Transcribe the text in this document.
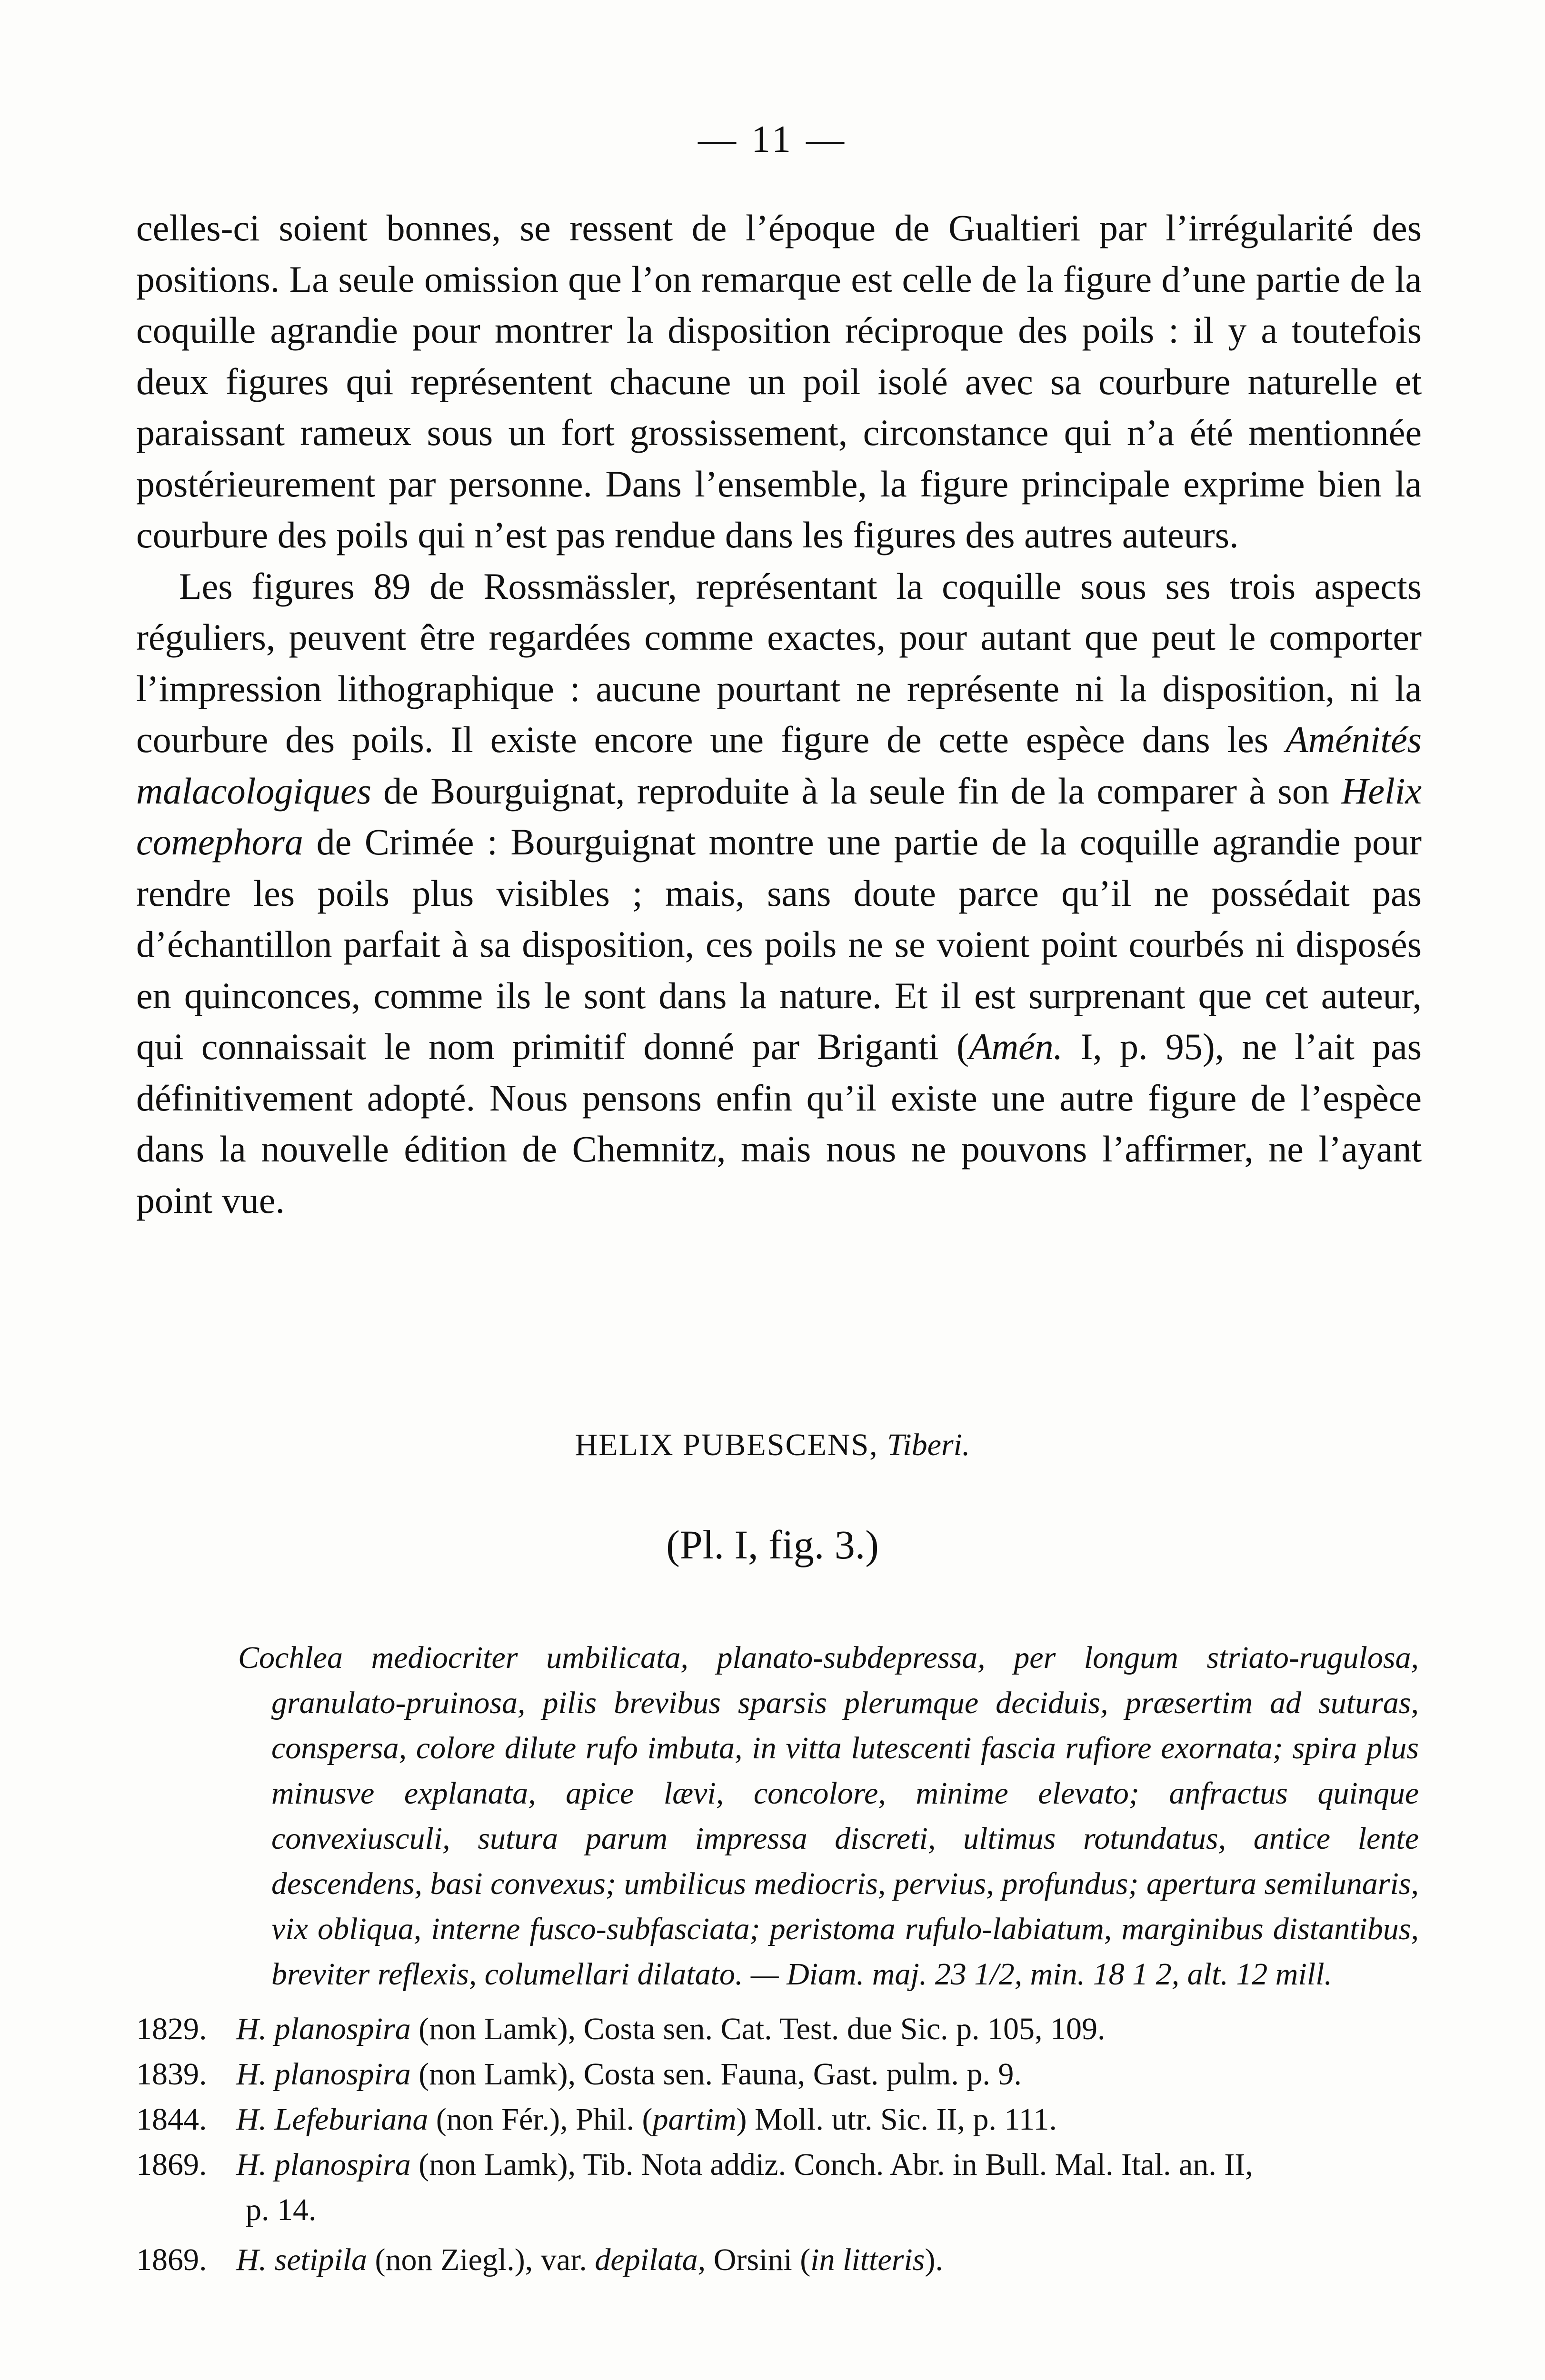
— 11 —

celles-ci soient bonnes, se ressent de l’époque de Gualtieri par l’irrégularité des positions. La seule omission que l’on remarque est celle de la figure d’une partie de la coquille agrandie pour montrer la disposition réciproque des poils : il y a toutefois deux figures qui représentent chacune un poil isolé avec sa courbure naturelle et paraissant rameux sous un fort grossissement, circonstance qui n’a été mentionnée postérieurement par personne. Dans l’ensemble, la figure principale exprime bien la courbure des poils qui n’est pas rendue dans les figures des autres auteurs.

Les figures 89 de Rossmässler, représentant la coquille sous ses trois aspects réguliers, peuvent être regardées comme exactes, pour autant que peut le comporter l’impression lithographique : aucune pourtant ne représente ni la disposition, ni la courbure des poils. Il existe encore une figure de cette espèce dans les Aménités malacologiques de Bourguignat, reproduite à la seule fin de la comparer à son Helix comephora de Crimée : Bourguignat montre une partie de la coquille agrandie pour rendre les poils plus visibles ; mais, sans doute parce qu’il ne possédait pas d’échantillon parfait à sa disposition, ces poils ne se voient point courbés ni disposés en quinconces, comme ils le sont dans la nature. Et il est surprenant que cet auteur, qui connaissait le nom primitif donné par Briganti (Amén. I, p. 95), ne l’ait pas définitivement adopté. Nous pensons enfin qu’il existe une autre figure de l’espèce dans la nouvelle édition de Chemnitz, mais nous ne pouvons l’affirmer, ne l’ayant point vue.

HELIX PUBESCENS, Tiberi.
(Pl. I, fig. 3.)
Cochlea mediocriter umbilicata, planato-subdepressa, per longum striato-rugulosa, granulato-pruinosa, pilis brevibus sparsis plerumque deciduis, præsertim ad suturas, conspersa, colore dilute rufo imbuta, in vitta lutescenti fascia rufiore exornata; spira plus minusve explanata, apice lævi, concolore, minime elevato; anfractus quinque convexiusculi, sutura parum impressa discreti, ultimus rotundatus, antice lente descendens, basi convexus; umbilicus mediocris, pervius, profundus; apertura semilunaris, vix obliqua, interne fusco-subfasciata; peristoma rufulo-labiatum, marginibus distantibus, breviter reflexis, columellari dilatato. — Diam. maj. 23 1/2, min. 18 1 2, alt. 12 mill.
1829. H. planospira (non Lamk), Costa sen. Cat. Test. due Sic. p. 105, 109.
1839. H. planospira (non Lamk), Costa sen. Fauna, Gast. pulm. p. 9.
1844. H. Lefeburiana (non Fér.), Phil. (partim) Moll. utr. Sic. II, p. 111.
1869. H. planospira (non Lamk), Tib. Nota addiz. Conch. Abr. in Bull. Mal. Ital. an. II,
p. 14.
1869. H. setipila (non Ziegl.), var. depilata, Orsini (in litteris).
